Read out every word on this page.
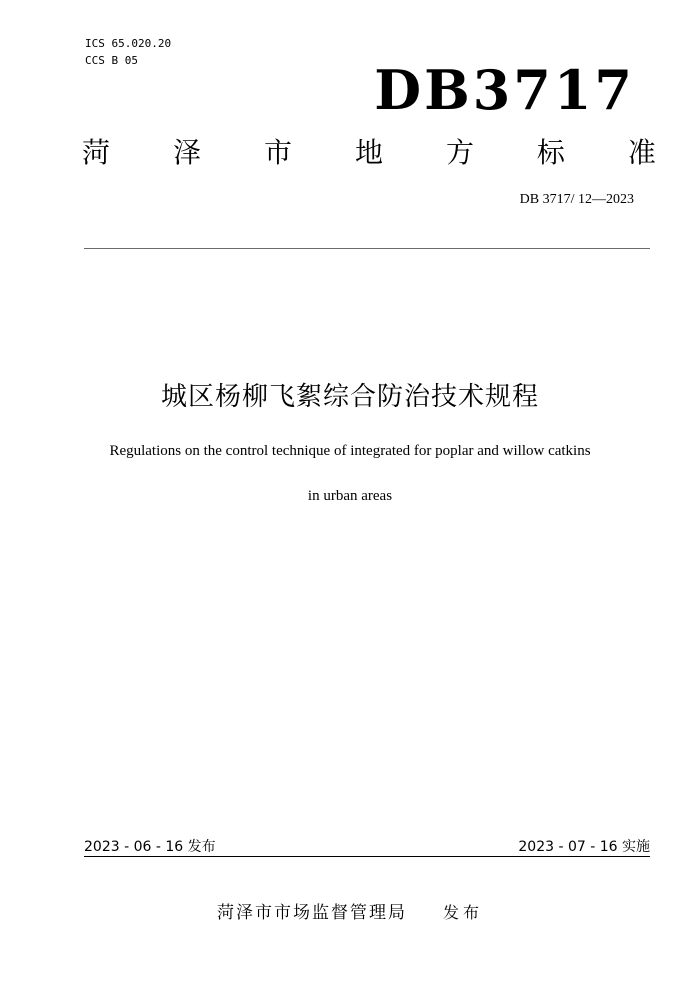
ICS 65.020.20
CCS B 05	DB3717
菏 泽 市 地 方 标 准
DB 3717/ 12—2023
城区杨柳飞絮综合防治技术规程
Regulations on the control technique of integrated for poplar and willow catkins
in urban areas
2023 - 06 - 16 发布	2023 - 07 - 16 实施
菏泽市市场监督管理局 发布
